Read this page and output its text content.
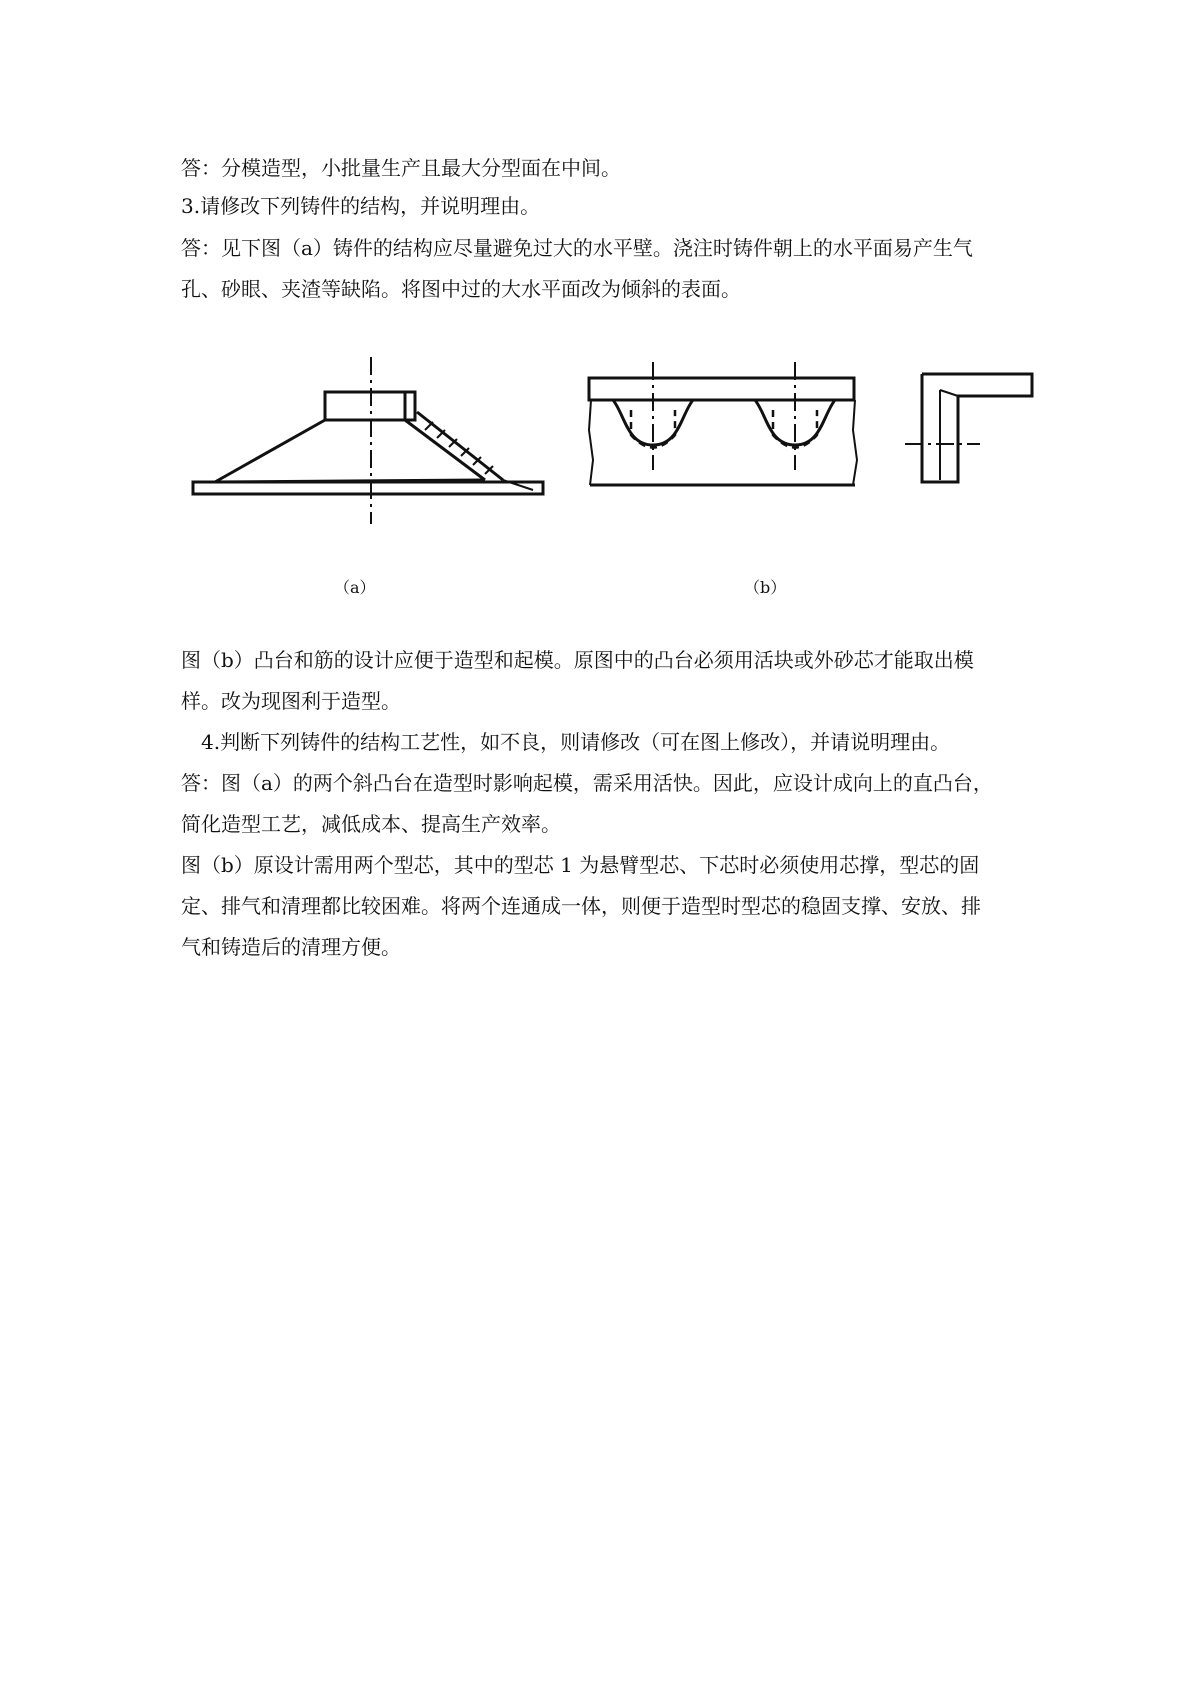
答：分模造型，小批量生产且最大分型面在中间。
3.请修改下列铸件的结构，并说明理由。
答：见下图（a）铸件的结构应尽量避免过大的水平壁。浇注时铸件朝上的水平面易产生气
孔、砂眼、夹渣等缺陷。将图中过的大水平面改为倾斜的表面。
（a）	（b）
图（b）凸台和筋的设计应便于造型和起模。原图中的凸台必须用活块或外砂芯才能取出模
样。改为现图利于造型。
4.判断下列铸件的结构工艺性，如不良，则请修改（可在图上修改），并请说明理由。
答：图（a）的两个斜凸台在造型时影响起模，需采用活快。因此，应设计成向上的直凸台，
简化造型工艺，减低成本、提高生产效率。
图（b）原设计需用两个型芯，其中的型芯 1 为悬臂型芯、下芯时必须使用芯撑，型芯的固
定、排气和清理都比较困难。将两个连通成一体，则便于造型时型芯的稳固支撑、安放、排
气和铸造后的清理方便。
